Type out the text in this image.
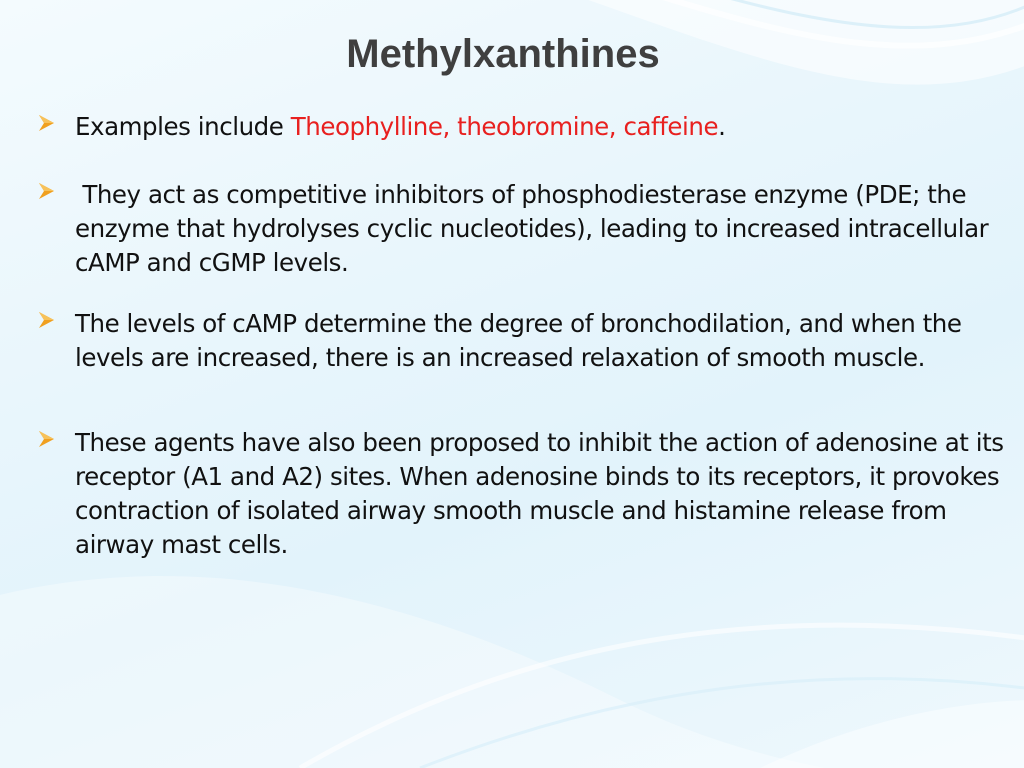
Methylxanthines
Examples include Theophylline, theobromine, caffeine.
They act as competitive inhibitors of phosphodiesterase enzyme (PDE; the enzyme that hydrolyses cyclic nucleotides), leading to increased intracellular cAMP and cGMP levels.
The levels of cAMP determine the degree of bronchodilation, and when the levels are increased, there is an increased relaxation of smooth muscle.
These agents have also been proposed to inhibit the action of adenosine at its receptor (A1 and A2) sites. When adenosine binds to its receptors, it provokes contraction of isolated airway smooth muscle and histamine release from airway mast cells.
